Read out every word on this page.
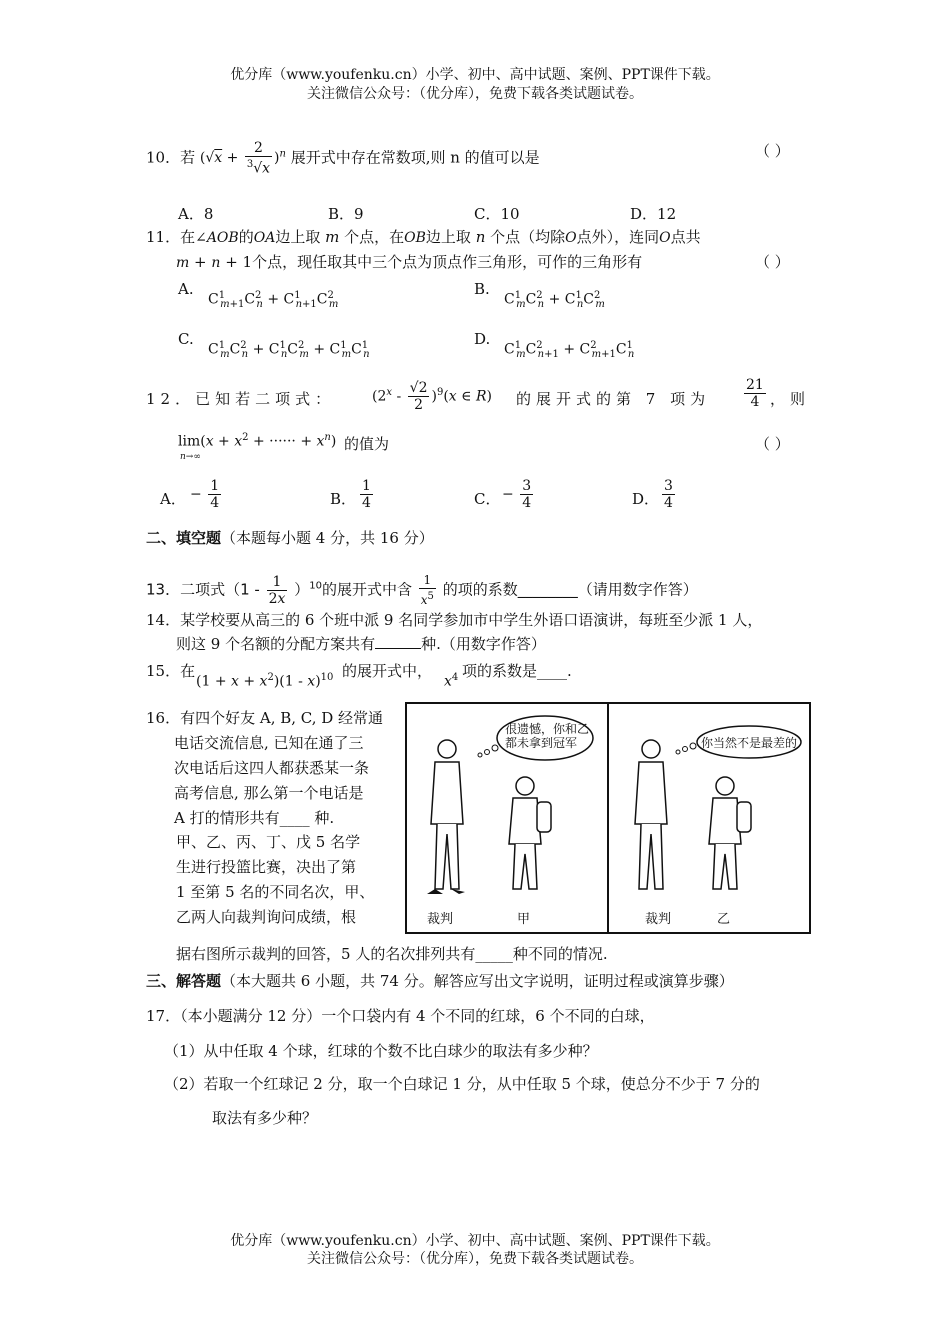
优分库（www.youfenku.cn）小学、初中、高中试题、案例、PPT课件下载。
关注微信公众号：（优分库），免费下载各类试题试卷。
10．若 $(√x + \frac{2}{^3√x} )^n$ 展开式中存在常数项,则 n 的值可以是	（ ）
A．8	B．9	C．10	D．12
11．在∠AOB的OA边上取 m 个点，在OB边上取 n 个点（均除O点外），连同O点共
m + n + 1个点，现任取其中三个点为顶点作三角形，可作的三角形有	（ ）
A.
$C^1_{m+1}C^2_n + C^1_{n+1}C^2_m$
B.
$C^1_mC^2_n + C^1_nC^2_m$
C.
$C^1_mC^2_n + C^1_nC^2_m + C^1_mC^1_n$
D.
$C^1_mC^2_{n+1} + C^2_{m+1}C^1_n$
12．已知若二项式：	$(2^x - \frac{√2}{2} )^9(x$ ∈ R) 的展开式的第 7 项为 $\frac{21}{4}$ ，则
$\lim(x + x^2$ + ······ + $x^n$)
n→∞
的值为	（ ）
A． − $\frac{1}{4}$	B． $\frac{1}{4}$	C． − $\frac{3}{4}$	D． $\frac{3}{4}$
二、填空题（本题每小题 4 分，共 16 分）
13．二项式$(1 - \frac{1}{2x} )^{10}$的展开式中含 $\frac{1}{x^5}$ 的项的系数________（请用数字作答）
14．某学校要从高三的 6 个班中派 9 名同学参加市中学生外语口语演讲，每班至少派 1 人，
则这 9 个名额的分配方案共有	种.（用数字作答）
15．在
$(1 + x + x^2)(1 - x)^{10}$ 的展开式中，
$x^4$ 项的系数是____.
16．有四个好友 A, B, C, D 经常通
电话交流信息, 已知在通了三
次电话后这四人都获悉某一条
高考信息, 那么第一个电话是
A 打的情形共有____ 种.
甲、乙、丙、丁、戊 5 名学
生进行投篮比赛，决出了第
1 至第 5 名的不同名次，甲、
乙两人向裁判询问成绩，根
据右图所示裁判的回答，5 人的名次排列共有_____种不同的情况.
很遗憾，你和乙
都未拿到冠军	你当然不是最差的
裁判	甲	裁判	乙
三、解答题（本大题共 6 小题，共 74 分。解答应写出文字说明，证明过程或演算步骤）
17．（本小题满分 12 分）一个口袋内有 4 个不同的红球，6 个不同的白球，
（1）从中任取 4 个球，红球的个数不比白球少的取法有多少种？
（2）若取一个红球记 2 分，取一个白球记 1 分，从中任取 5 个球，使总分不少于 7 分的
取法有多少种？
优分库（www.youfenku.cn）小学、初中、高中试题、案例、PPT课件下载。
关注微信公众号：（优分库），免费下载各类试题试卷。
